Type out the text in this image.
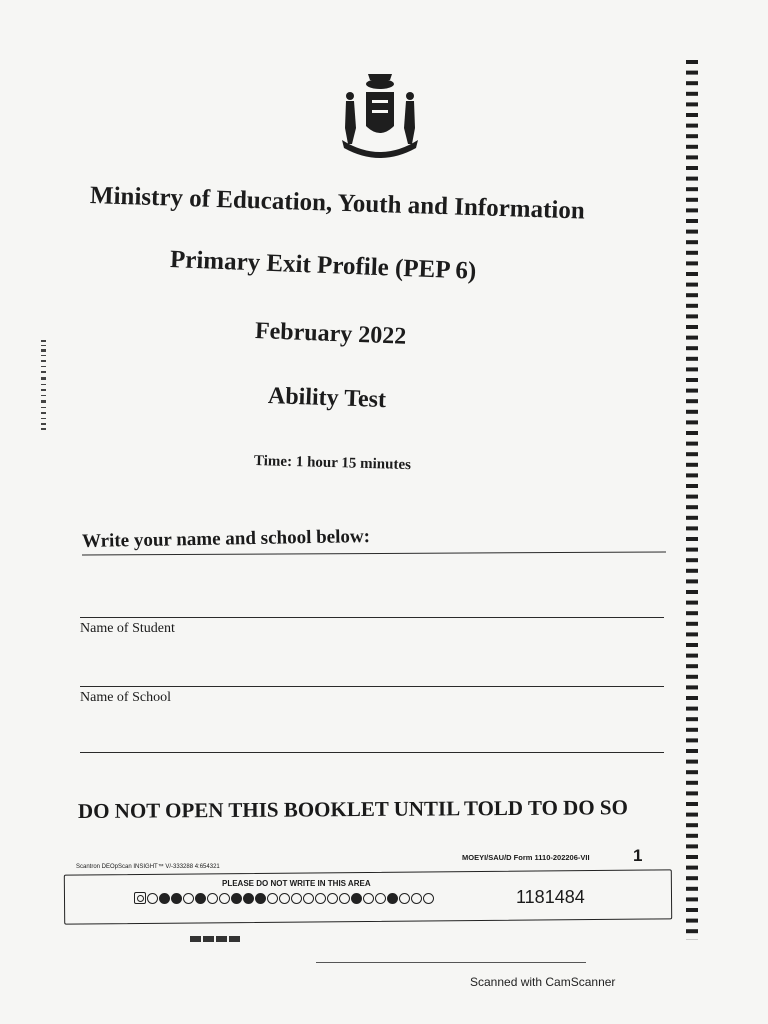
Ministry of Education, Youth and Information
Primary Exit Profile (PEP 6)
February 2022
Ability Test
Time: 1 hour 15 minutes
Write your name and school below:
Name of Student
Name of School
DO NOT OPEN THIS BOOKLET UNTIL TOLD TO DO SO
Scantron DEOpScan INSIGHT™ V/-333288 4:654321
MOEYI/SAU/D Form 1110-202206-VII	1
PLEASE DO NOT WRITE IN THIS AREA
1181484
Scanned with CamScanner
